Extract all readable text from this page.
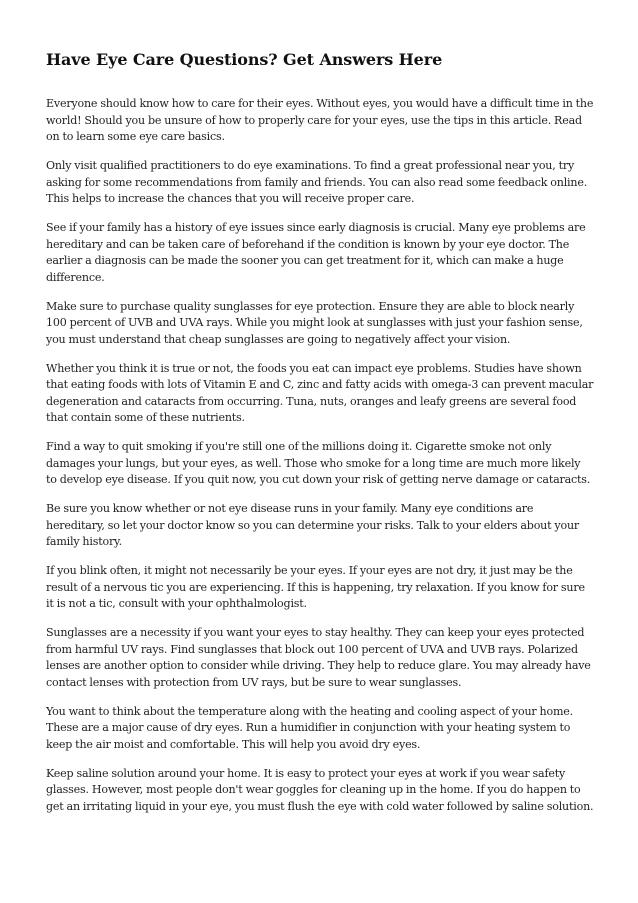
Have Eye Care Questions? Get Answers Here

Everyone should know how to care for their eyes. Without eyes, you would have a difficult time in the world! Should you be unsure of how to properly care for your eyes, use the tips in this article. Read on to learn some eye care basics.

Only visit qualified practitioners to do eye examinations. To find a great professional near you, try asking for some recommendations from family and friends. You can also read some feedback online. This helps to increase the chances that you will receive proper care.

See if your family has a history of eye issues since early diagnosis is crucial. Many eye problems are hereditary and can be taken care of beforehand if the condition is known by your eye doctor. The earlier a diagnosis can be made the sooner you can get treatment for it, which can make a huge difference.

Make sure to purchase quality sunglasses for eye protection. Ensure they are able to block nearly 100 percent of UVB and UVA rays. While you might look at sunglasses with just your fashion sense, you must understand that cheap sunglasses are going to negatively affect your vision.

Whether you think it is true or not, the foods you eat can impact eye problems. Studies have shown that eating foods with lots of Vitamin E and C, zinc and fatty acids with omega-3 can prevent macular degeneration and cataracts from occurring. Tuna, nuts, oranges and leafy greens are several food that contain some of these nutrients.

Find a way to quit smoking if you're still one of the millions doing it. Cigarette smoke not only damages your lungs, but your eyes, as well. Those who smoke for a long time are much more likely to develop eye disease. If you quit now, you cut down your risk of getting nerve damage or cataracts.

Be sure you know whether or not eye disease runs in your family. Many eye conditions are hereditary, so let your doctor know so you can determine your risks. Talk to your elders about your family history.

If you blink often, it might not necessarily be your eyes. If your eyes are not dry, it just may be the result of a nervous tic you are experiencing. If this is happening, try relaxation. If you know for sure it is not a tic, consult with your ophthalmologist.

Sunglasses are a necessity if you want your eyes to stay healthy. They can keep your eyes protected from harmful UV rays. Find sunglasses that block out 100 percent of UVA and UVB rays. Polarized lenses are another option to consider while driving. They help to reduce glare. You may already have contact lenses with protection from UV rays, but be sure to wear sunglasses.

You want to think about the temperature along with the heating and cooling aspect of your home. These are a major cause of dry eyes. Run a humidifier in conjunction with your heating system to keep the air moist and comfortable. This will help you avoid dry eyes.

Keep saline solution around your home. It is easy to protect your eyes at work if you wear safety glasses. However, most people don't wear goggles for cleaning up in the home. If you do happen to get an irritating liquid in your eye, you must flush the eye with cold water followed by saline solution.
